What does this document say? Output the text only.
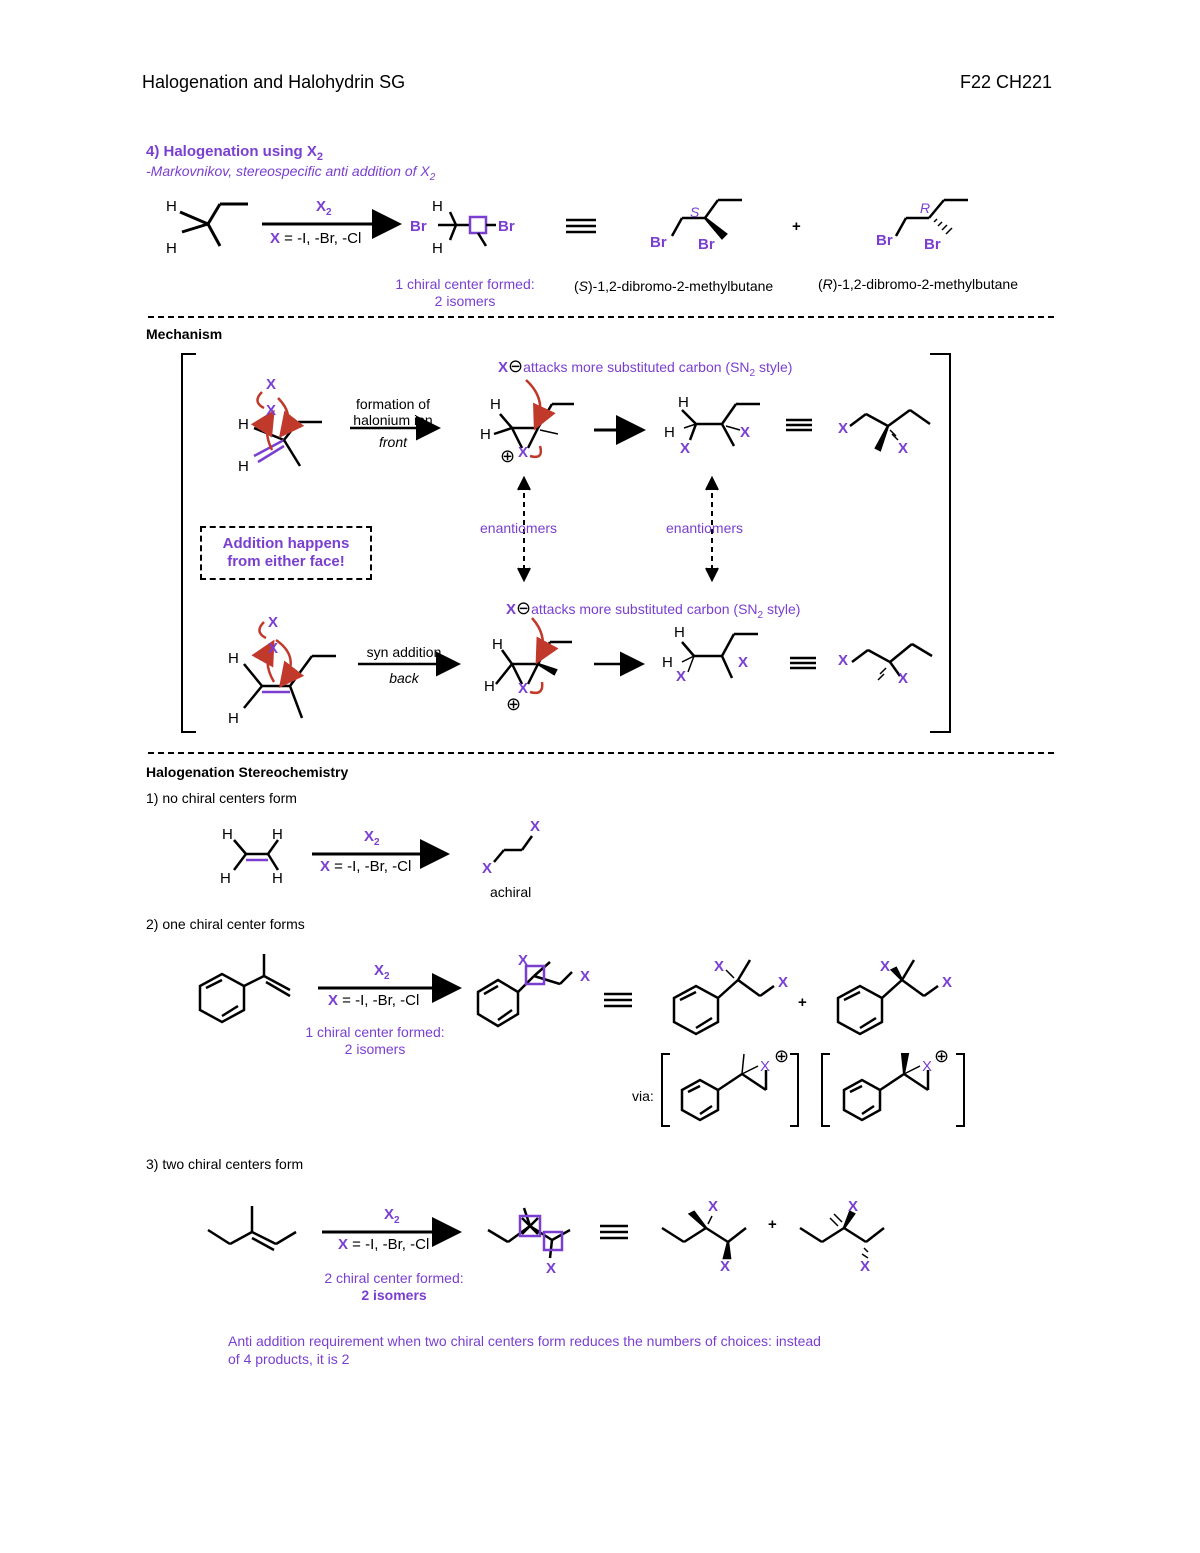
Halogenation and Halohydrin SG	F22 CH221
4) Halogenation using $X_2$
-Markovnikov, stereospecific anti addition of $X_2$
H
H
$X_2$
X = -I, -Br, -Cl
Br
H
H
Br
S
Br Br
+
R
Br Br
1 chiral center formed:
2 isomers
(S)-1,2-dibromo-2-methylbutane	(R)-1,2-dibromo-2-methylbutane
Mechanism
X
X
H
H
formation of
halonium ion
front
X⊖attacks more substituted carbon ($SN_2$ style)
H
H
⊕ X
H
H
X
X	X
X
enantiomers	enantiomers
Addition happens
from either face!
X⊖attacks more substituted carbon ($SN_2$ style)
X
X
H
H
syn addition
back
H
H X
⊕
H
H
X
X	X
X
Halogenation Stereochemistry
1) no chiral centers form
H	H
H	H
$X_2$
X = -I, -Br, -Cl
X
X
achiral
2) one chiral center forms
$X_2$
X = -I, -Br, -Cl
1 chiral center formed:
2 isomers
X
X
X
X
+
X
X
via:
X
⊕
X
⊕
3) two chiral centers form
$X_2$
X = -I, -Br, -Cl
2 chiral center formed:
2 isomers
X
X
X
+
X
X
Anti addition requirement when two chiral centers form reduces the numbers of choices: instead
of 4 products, it is 2
